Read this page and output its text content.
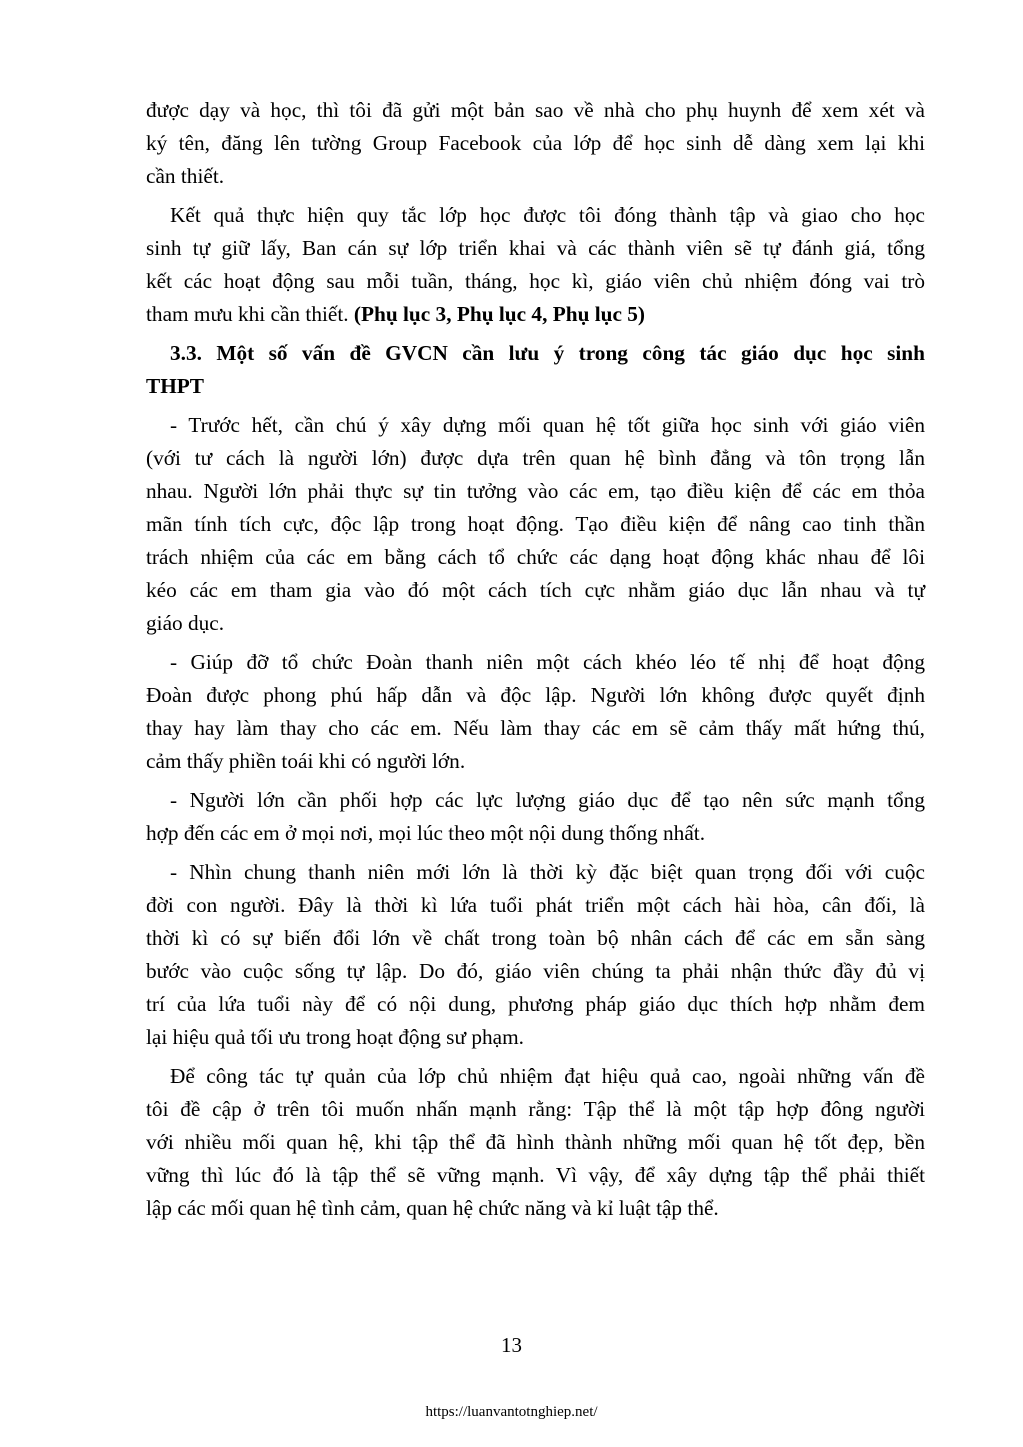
được dạy và học, thì tôi đã gửi một bản sao về nhà cho phụ huynh để xem xét và
ký tên, đăng lên tường Group Facebook của lớp để học sinh dễ dàng xem lại khi
cần thiết.

Kết quả thực hiện quy tắc lớp học được tôi đóng thành tập và giao cho học
sinh tự giữ lấy, Ban cán sự lớp triển khai và các thành viên sẽ tự đánh giá, tổng
kết các hoạt động sau mỗi tuần, tháng, học kì, giáo viên chủ nhiệm đóng vai trò
tham mưu khi cần thiết. (Phụ lục 3, Phụ lục 4, Phụ lục 5)

3.3. Một số vấn đề GVCN cần lưu ý trong công tác giáo dục học sinh
THPT

- Trước hết, cần chú ý xây dựng mối quan hệ tốt giữa học sinh với giáo viên
(với tư cách là người lớn) được dựa trên quan hệ bình đẳng và tôn trọng lẫn
nhau. Người lớn phải thực sự tin tưởng vào các em, tạo điều kiện để các em thỏa
mãn tính tích cực, độc lập trong hoạt động. Tạo điều kiện để nâng cao tinh thần
trách nhiệm của các em bằng cách tổ chức các dạng hoạt động khác nhau để lôi
kéo các em tham gia vào đó một cách tích cực nhằm giáo dục lẫn nhau và tự
giáo dục.

- Giúp đỡ tổ chức Đoàn thanh niên một cách khéo léo tế nhị để hoạt động
Đoàn được phong phú hấp dẫn và độc lập. Người lớn không được quyết định
thay hay làm thay cho các em. Nếu làm thay các em sẽ cảm thấy mất hứng thú,
cảm thấy phiền toái khi có người lớn.

- Người lớn cần phối hợp các lực lượng giáo dục để tạo nên sức mạnh tổng
hợp đến các em ở mọi nơi, mọi lúc theo một nội dung thống nhất.

- Nhìn chung thanh niên mới lớn là thời kỳ đặc biệt quan trọng đối với cuộc
đời con người. Đây là thời kì lứa tuổi phát triển một cách hài hòa, cân đối, là
thời kì có sự biến đổi lớn về chất trong toàn bộ nhân cách để các em sẵn sàng
bước vào cuộc sống tự lập. Do đó, giáo viên chúng ta phải nhận thức đầy đủ vị
trí của lứa tuổi này để có nội dung, phương pháp giáo dục thích hợp nhằm đem
lại hiệu quả tối ưu trong hoạt động sư phạm.

Để công tác tự quản của lớp chủ nhiệm đạt hiệu quả cao, ngoài những vấn đề
tôi đề cập ở trên tôi muốn nhấn mạnh rằng: Tập thể là một tập hợp đông người
với nhiều mối quan hệ, khi tập thể đã hình thành những mối quan hệ tốt đẹp, bền
vững thì lúc đó là tập thể sẽ vững mạnh. Vì vậy, để xây dựng tập thể phải thiết
lập các mối quan hệ tình cảm, quan hệ chức năng và kỉ luật tập thể.

13
https://luanvantotnghiep.net/
